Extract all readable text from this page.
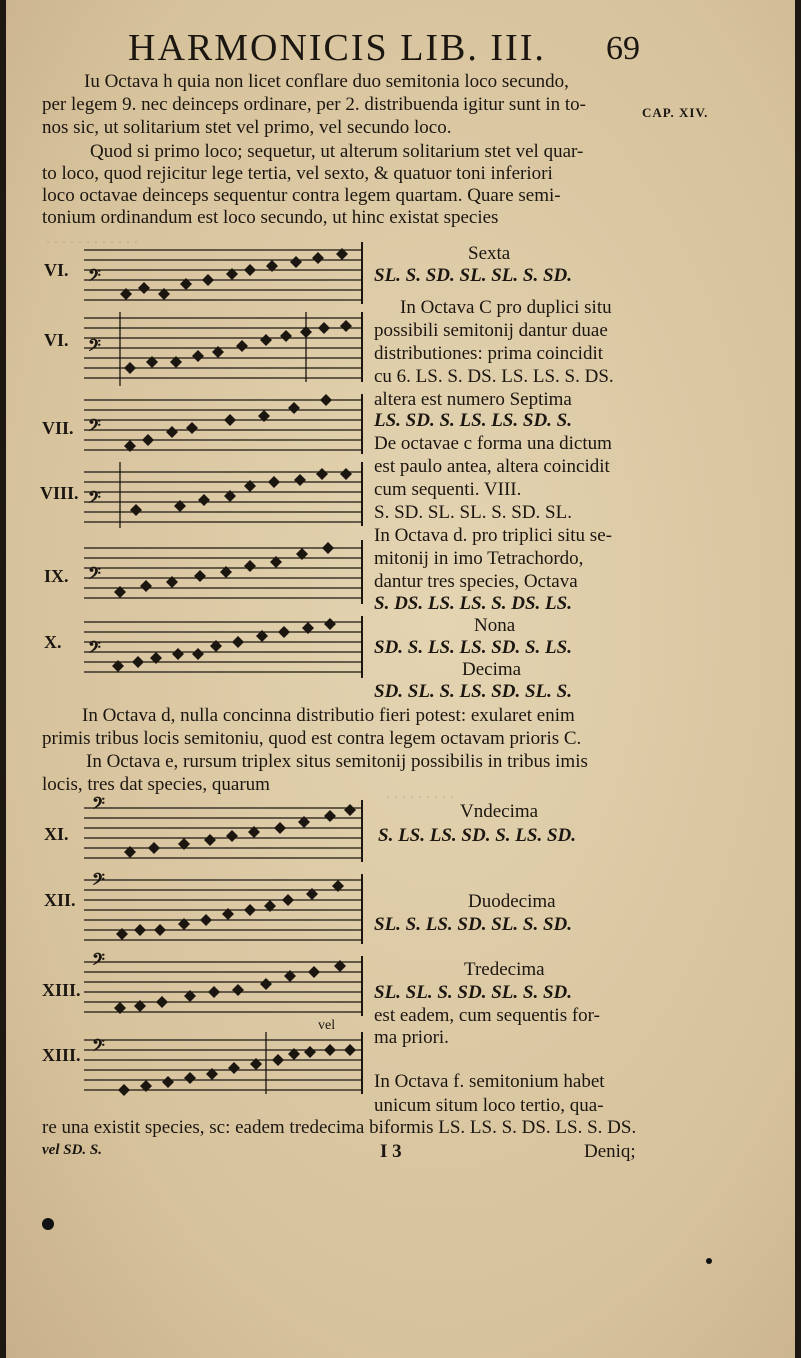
HARMONICIS LIB. III. 69
CAP. XIV.
. . . . . . . . . . . .
. . . . . . . . .
Iu Octava h quia non licet conflare duo semitonia loco secundo,
per legem 9. nec deinceps ordinare, per 2. distribuenda igitur sunt in to-
nos sic, ut solitarium stet vel primo, vel secundo loco.
Quod si primo loco; sequetur, ut alterum solitarium stet vel quar-
to loco, quod rejicitur lege tertia, vel sexto, & quatuor toni inferiori
loco octavae deinceps sequentur contra legem quartam. Quare semi-
tonium ordinandum est loco secundo, ut hinc existat species
VI.
VI.
VII.
VIII.
IX.
X.
𝄢
𝄢
𝄢
𝄢
𝄢
𝄢
Sexta
SL. S. SD. SL. SL. S. SD.
In Octava C pro duplici situ
possibili semitonij dantur duae
distributiones: prima coincidit
cu 6. LS. S. DS. LS. LS. S. DS.
altera est numero Septima
LS. SD. S. LS. LS. SD. S.
De octavae c forma una dictum
est paulo antea, altera coincidit
cum sequenti. VIII.
S. SD. SL. SL. S. SD. SL.
In Octava d. pro triplici situ se-
mitonij in imo Tetrachordo,
dantur tres species, Octava
S. DS. LS. LS. S. DS. LS.
Nona
SD. S. LS. LS. SD. S. LS.
Decima
SD. SL. S. LS. SD. SL. S.
In Octava d, nulla concinna distributio fieri potest: exularet enim
primis tribus locis semitoniu, quod est contra legem octavam prioris C.
In Octava e, rursum triplex situs semitonij possibilis in tribus imis
locis, tres dat species, quarum
XI.
XII.
XIII.
XIII.
vel
𝄢
𝄢
𝄢
𝄢
Vndecima
S. LS. LS. SD. S. LS. SD.
Duodecima
SL. S. LS. SD. SL. S. SD.
Tredecima
SL. SL. S. SD. SL. S. SD.
est eadem, cum sequentis for-
ma priori.
In Octava f. semitonium habet
unicum situm loco tertio, qua-
re una existit species, sc: eadem tredecima biformis LS. LS. S. DS. LS. S. DS.
vel SD. S.	I 3	Deniq;
